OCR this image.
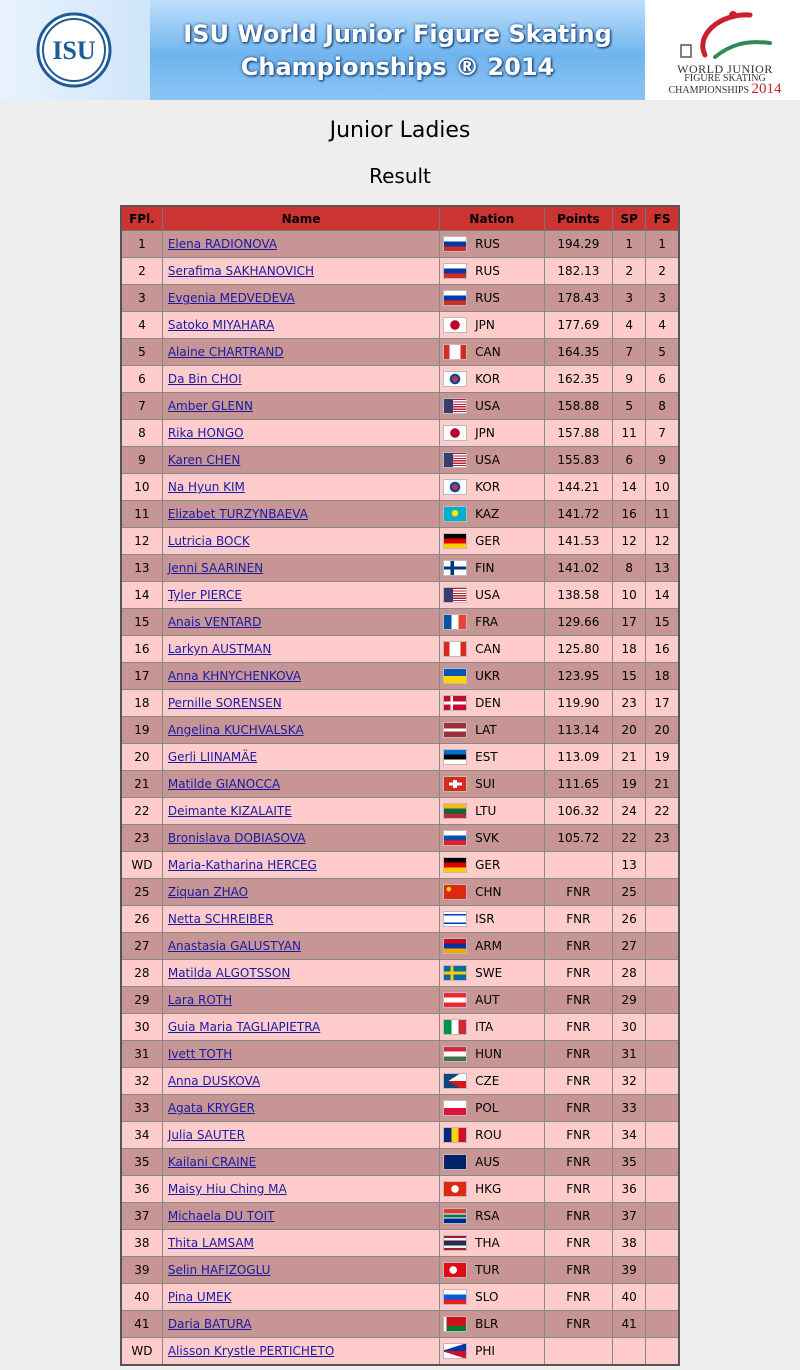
ISU
ISU World Junior Figure Skating
Championships ® 2014	WORLD JUNIOR
FIGURE SKATING
CHAMPIONSHIPS 2014
Junior Ladies
Result
FPl.	Name	Nation	Points	SP	FS
1	Elena RADIONOVA	RUS	194.29	1	1
2	Serafima SAKHANOVICH	RUS	182.13	2	2
3	Evgenia MEDVEDEVA	RUS	178.43	3	3
4	Satoko MIYAHARA	JPN	177.69	4	4
5	Alaine CHARTRAND	CAN	164.35	7	5
6	Da Bin CHOI	KOR	162.35	9	6
7	Amber GLENN	USA	158.88	5	8
8	Rika HONGO	JPN	157.88	11	7
9	Karen CHEN	USA	155.83	6	9
10	Na Hyun KIM	KOR	144.21	14	10
11	Elizabet TURZYNBAEVA	KAZ	141.72	16	11
12	Lutricia BOCK	GER	141.53	12	12
13	Jenni SAARINEN	FIN	141.02	8	13
14	Tyler PIERCE	USA	138.58	10	14
15	Anais VENTARD	FRA	129.66	17	15
16	Larkyn AUSTMAN	CAN	125.80	18	16
17	Anna KHNYCHENKOVA	UKR	123.95	15	18
18	Pernille SORENSEN	DEN	119.90	23	17
19	Angelina KUCHVALSKA	LAT	113.14	20	20
20	Gerli LIINAMÄE	EST	113.09	21	19
21	Matilde GIANOCCA	SUI	111.65	19	21
22	Deimante KIZALAITE	LTU	106.32	24	22
23	Bronislava DOBIASOVA	SVK	105.72	22	23
WD	Maria-Katharina HERCEG	GER		13	
25	Ziquan ZHAO	CHN	FNR	25	
26	Netta SCHREIBER	ISR	FNR	26	
27	Anastasia GALUSTYAN	ARM	FNR	27	
28	Matilda ALGOTSSON	SWE	FNR	28	
29	Lara ROTH	AUT	FNR	29	
30	Guia Maria TAGLIAPIETRA	ITA	FNR	30	
31	Ivett TOTH	HUN	FNR	31	
32	Anna DUSKOVA	CZE	FNR	32	
33	Agata KRYGER	POL	FNR	33	
34	Julia SAUTER	ROU	FNR	34	
35	Kailani CRAINE	AUS	FNR	35	
36	Maisy Hiu Ching MA	HKG	FNR	36	
37	Michaela DU TOIT	RSA	FNR	37	
38	Thita LAMSAM	THA	FNR	38	
39	Selin HAFIZOGLU	TUR	FNR	39	
40	Pina UMEK	SLO	FNR	40	
41	Daria BATURA	BLR	FNR	41	
WD	Alisson Krystle PERTICHETO	PHI			
